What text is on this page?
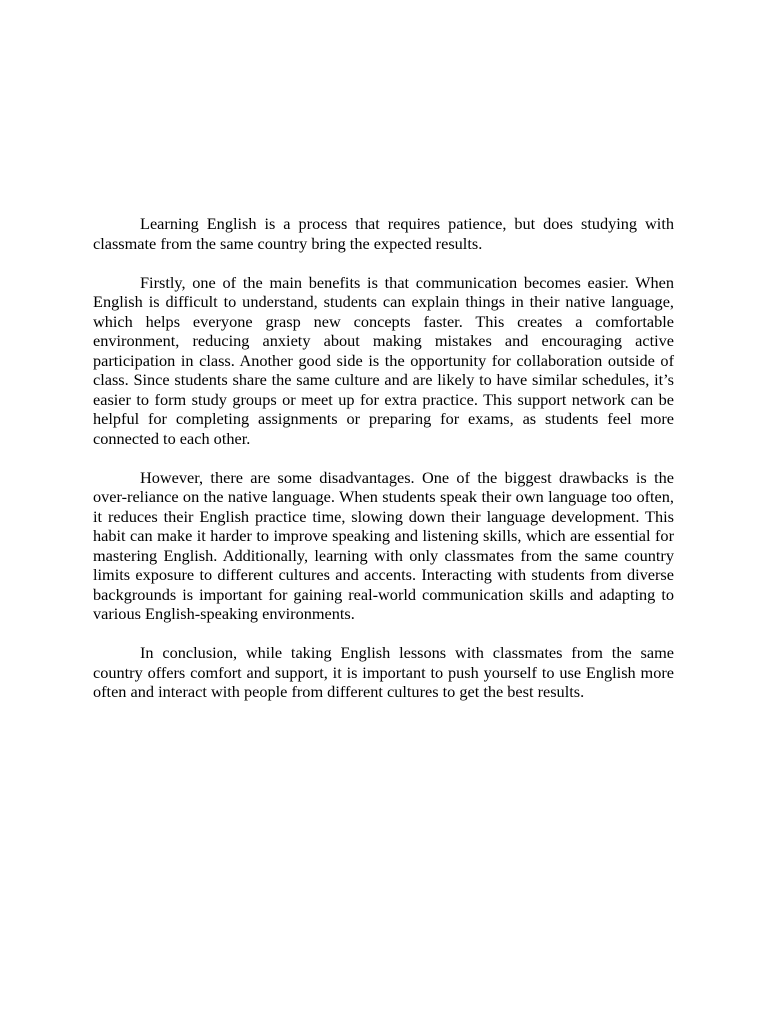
Learning English is a process that requires patience, but does studying with classmate from the same country bring the expected results.

Firstly, one of the main benefits is that communication becomes easier. When English is difficult to understand, students can explain things in their native language, which helps everyone grasp new concepts faster. This creates a comfortable environment, reducing anxiety about making mistakes and encouraging active participation in class. Another good side is the opportunity for collaboration outside of class. Since students share the same culture and are likely to have similar schedules, it’s easier to form study groups or meet up for extra practice. This support network can be helpful for completing assignments or preparing for exams, as students feel more connected to each other.

However, there are some disadvantages. One of the biggest drawbacks is the over-reliance on the native language. When students speak their own language too often, it reduces their English practice time, slowing down their language development. This habit can make it harder to improve speaking and listening skills, which are essential for mastering English. Additionally, learning with only classmates from the same country limits exposure to different cultures and accents. Interacting with students from diverse backgrounds is important for gaining real-world communication skills and adapting to various English-speaking environments.

In conclusion, while taking English lessons with classmates from the same country offers comfort and support, it is important to push yourself to use English more often and interact with people from different cultures to get the best results.
